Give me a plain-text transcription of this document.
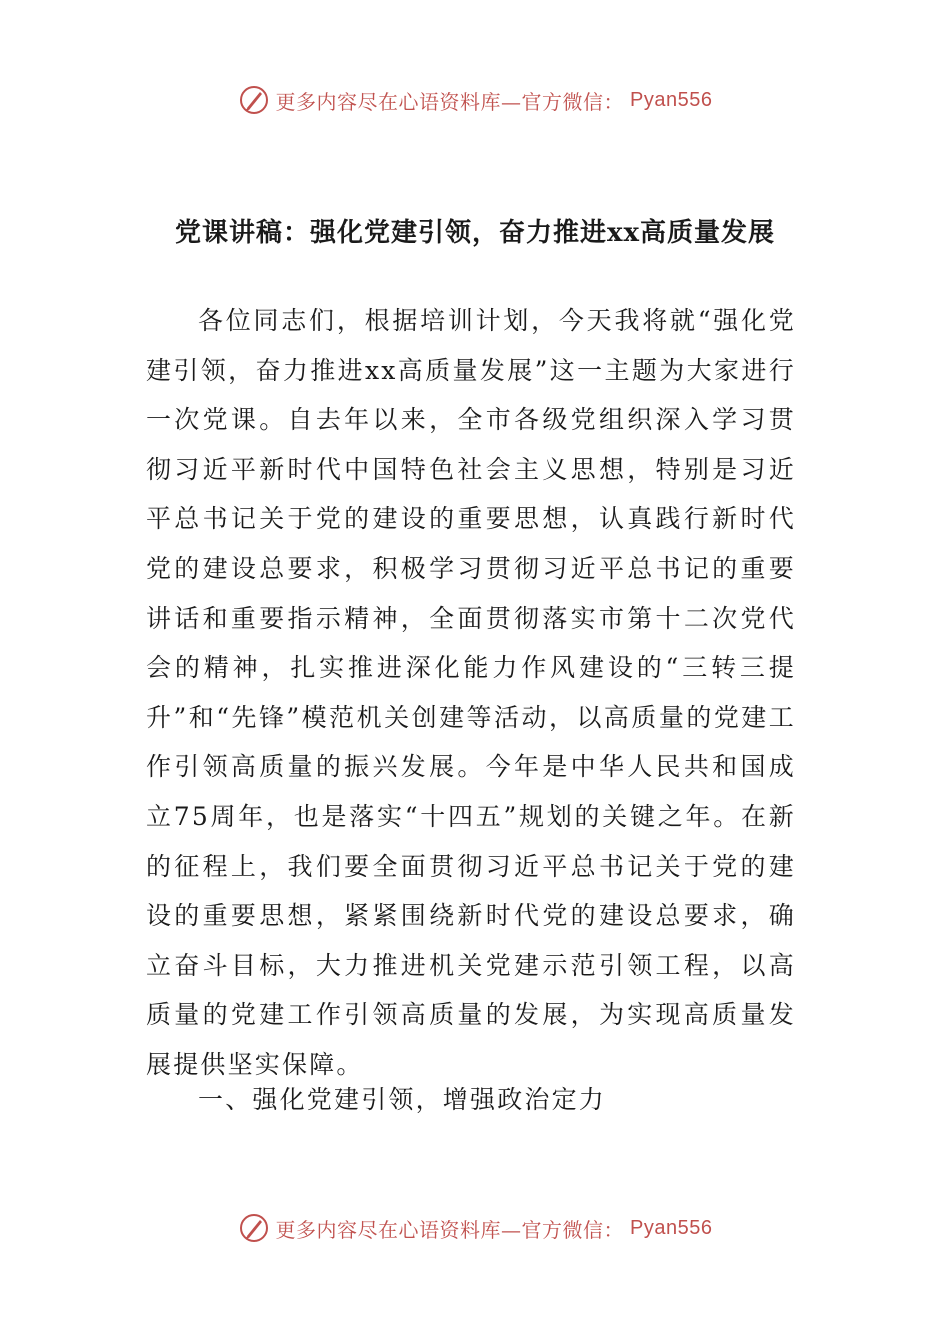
更多内容尽在心语资料库—官方微信： Pyan556
党课讲稿：强化党建引领，奋力推进xx高质量发展

各位同志们，根据培训计划，今天我将就“强化党建引领，奋力推进xx高质量发展”这一主题为大家进行一次党课。自去年以来，全市各级党组织深入学习贯彻习近平新时代中国特色社会主义思想，特别是习近平总书记关于党的建设的重要思想，认真践行新时代党的建设总要求，积极学习贯彻习近平总书记的重要讲话和重要指示精神，全面贯彻落实市第十二次党代会的精神，扎实推进深化能力作风建设的“三转三提升”和“先锋”模范机关创建等活动，以高质量的党建工作引领高质量的振兴发展。今年是中华人民共和国成立75周年，也是落实“十四五”规划的关键之年。在新的征程上，我们要全面贯彻习近平总书记关于党的建设的重要思想，紧紧围绕新时代党的建设总要求，确立奋斗目标，大力推进机关党建示范引领工程，以高质量的党建工作引领高质量的发展，为实现高质量发展提供坚实保障。

一、强化党建引领，增强政治定力
更多内容尽在心语资料库—官方微信： Pyan556
